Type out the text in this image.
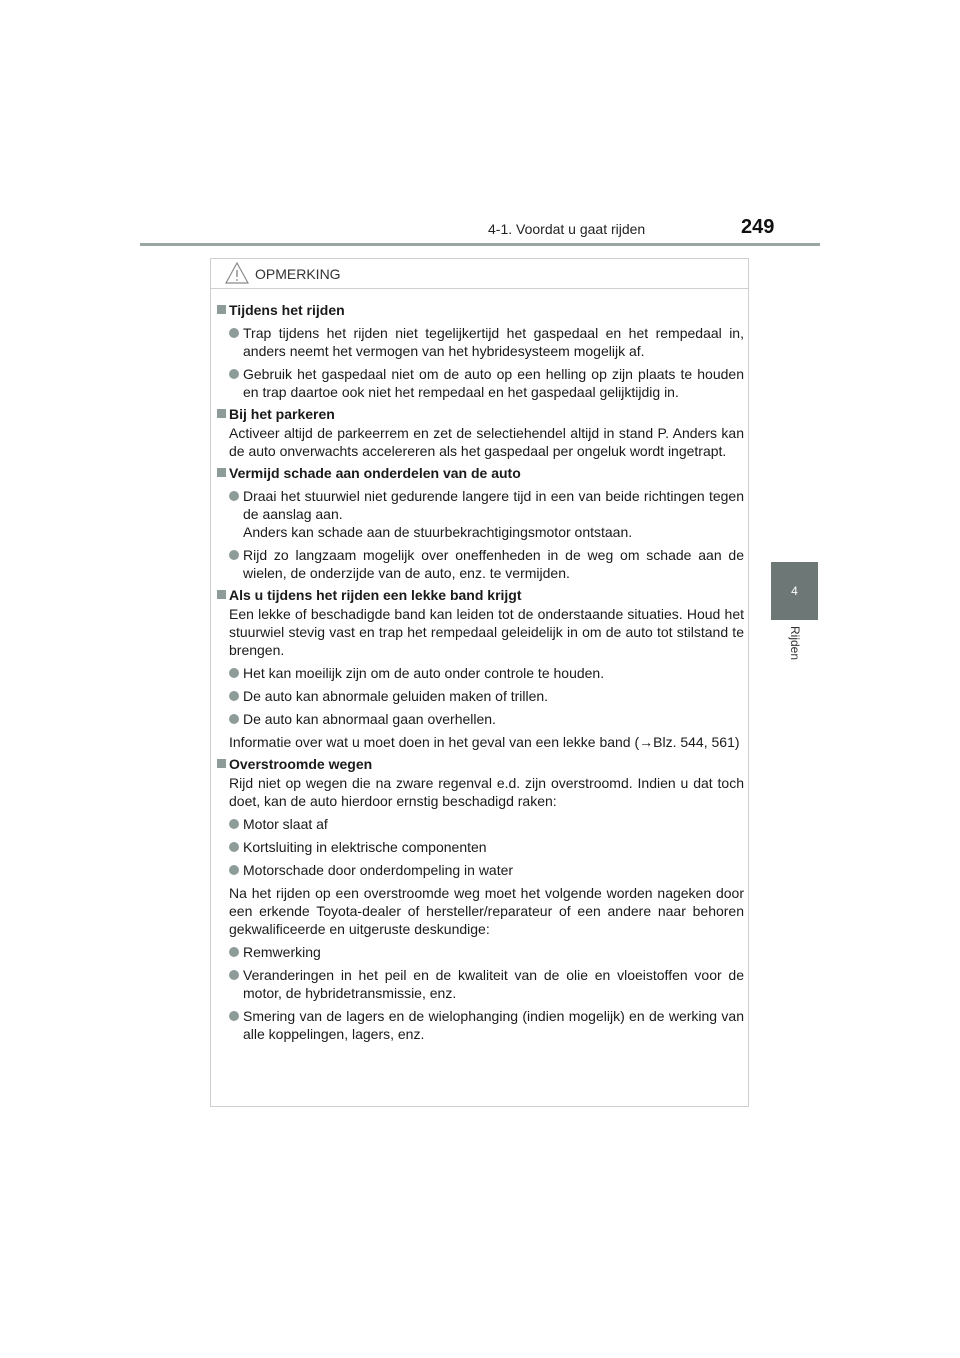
4-1. Voordat u gaat rijden	249
4
Rijden
OPMERKING
Tijdens het rijden
Trap tijdens het rijden niet tegelijkertijd het gaspedaal en het rempedaal in, anders neemt het vermogen van het hybridesysteem mogelijk af.
Gebruik het gaspedaal niet om de auto op een helling op zijn plaats te houden en trap daartoe ook niet het rempedaal en het gaspedaal gelijktijdig in.
Bij het parkeren
Activeer altijd de parkeerrem en zet de selectiehendel altijd in stand P. Anders kan de auto onverwachts accelereren als het gaspedaal per ongeluk wordt ingetrapt.
Vermijd schade aan onderdelen van de auto
Draai het stuurwiel niet gedurende langere tijd in een van beide richtingen tegen de aanslag aan.
Anders kan schade aan de stuurbekrachtigingsmotor ontstaan.
Rijd zo langzaam mogelijk over oneffenheden in de weg om schade aan de wielen, de onderzijde van de auto, enz. te vermijden.
Als u tijdens het rijden een lekke band krijgt
Een lekke of beschadigde band kan leiden tot de onderstaande situaties. Houd het stuurwiel stevig vast en trap het rempedaal geleidelijk in om de auto tot stilstand te brengen.
Het kan moeilijk zijn om de auto onder controle te houden.
De auto kan abnormale geluiden maken of trillen.
De auto kan abnormaal gaan overhellen.
Informatie over wat u moet doen in het geval van een lekke band (→Blz. 544, 561)
Overstroomde wegen
Rijd niet op wegen die na zware regenval e.d. zijn overstroomd. Indien u dat toch doet, kan de auto hierdoor ernstig beschadigd raken:
Motor slaat af
Kortsluiting in elektrische componenten
Motorschade door onderdompeling in water
Na het rijden op een overstroomde weg moet het volgende worden nageken door een erkende Toyota-dealer of hersteller/reparateur of een andere naar behoren gekwalificeerde en uitgeruste deskundige:
Remwerking
Veranderingen in het peil en de kwaliteit van de olie en vloeistoffen voor de motor, de hybridetransmissie, enz.
Smering van de lagers en de wielophanging (indien mogelijk) en de werking van alle koppelingen, lagers, enz.
